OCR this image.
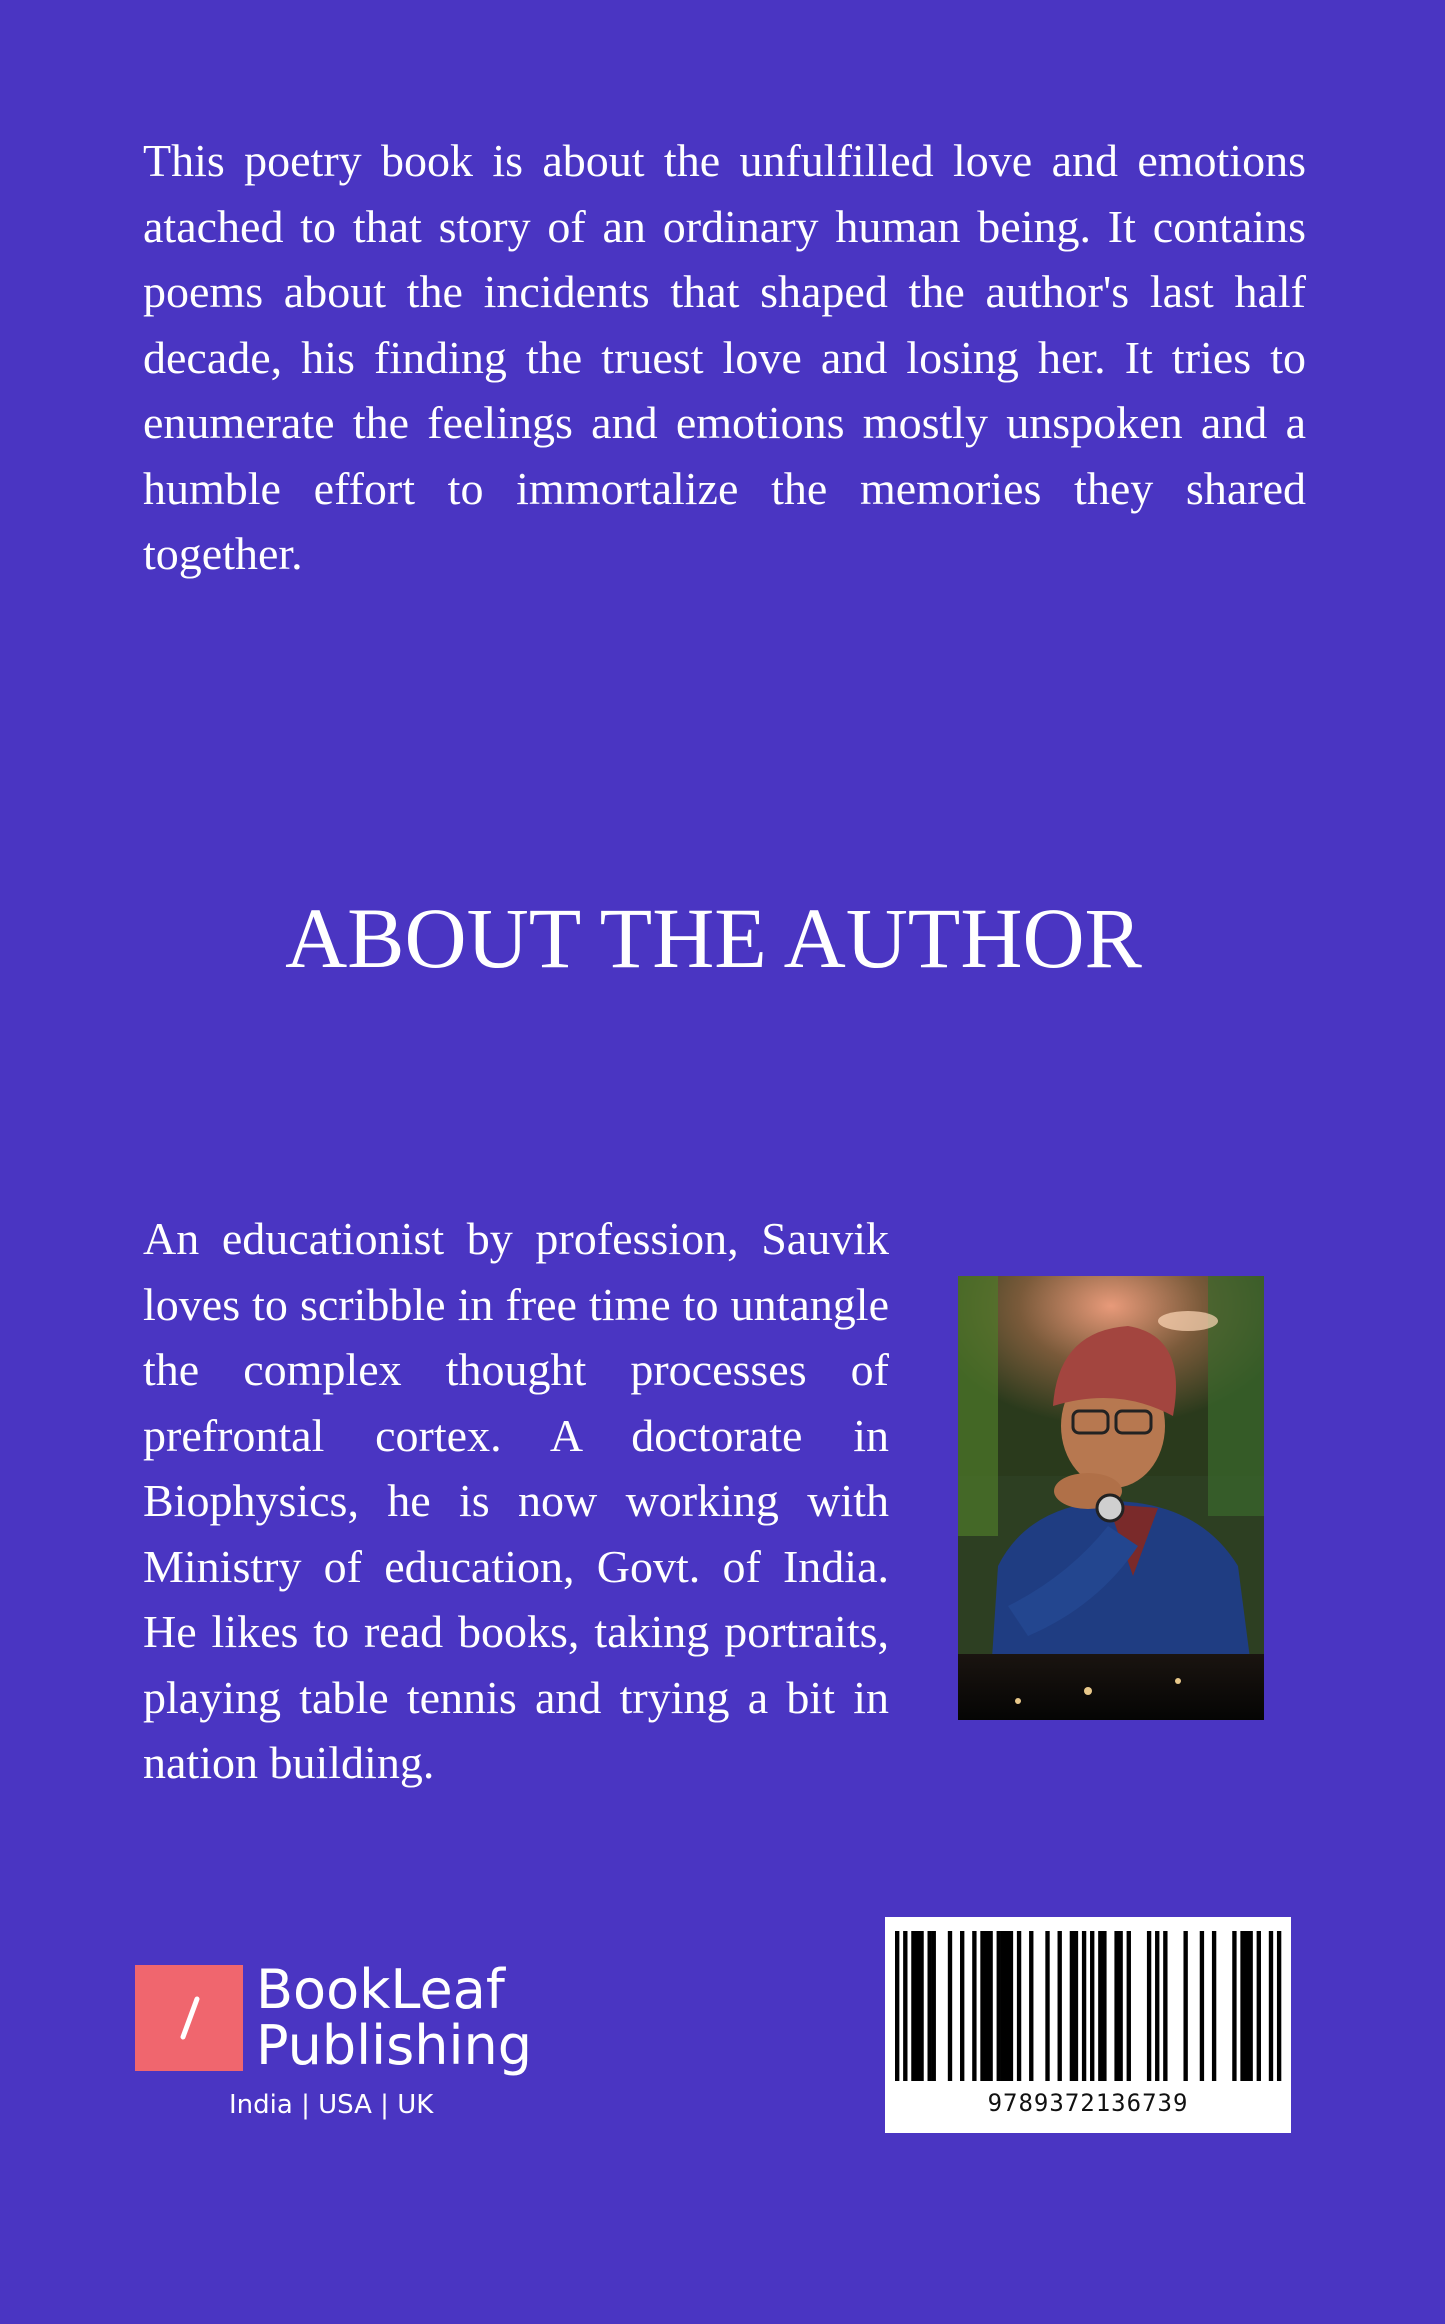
This poetry book is about the unfulfilled love and emotions atached to that story of an ordinary human being. It contains poems about the incidents that shaped the author's last half decade, his finding the truest love and losing her. It tries to enumerate the feelings and emotions mostly unspoken and a humble effort to immortalize the memories they shared together.

ABOUT THE AUTHOR

An educationist by profession, Sauvik loves to scribble in free time to untangle the complex thought processes of prefrontal cortex. A doctorate in Biophysics, he is now working with Ministry of education, Govt. of India. He likes to read books, taking portraits, playing table tennis and trying a bit in nation building.

BookLeaf
Publishing
India | USA | UK	9789372136739
